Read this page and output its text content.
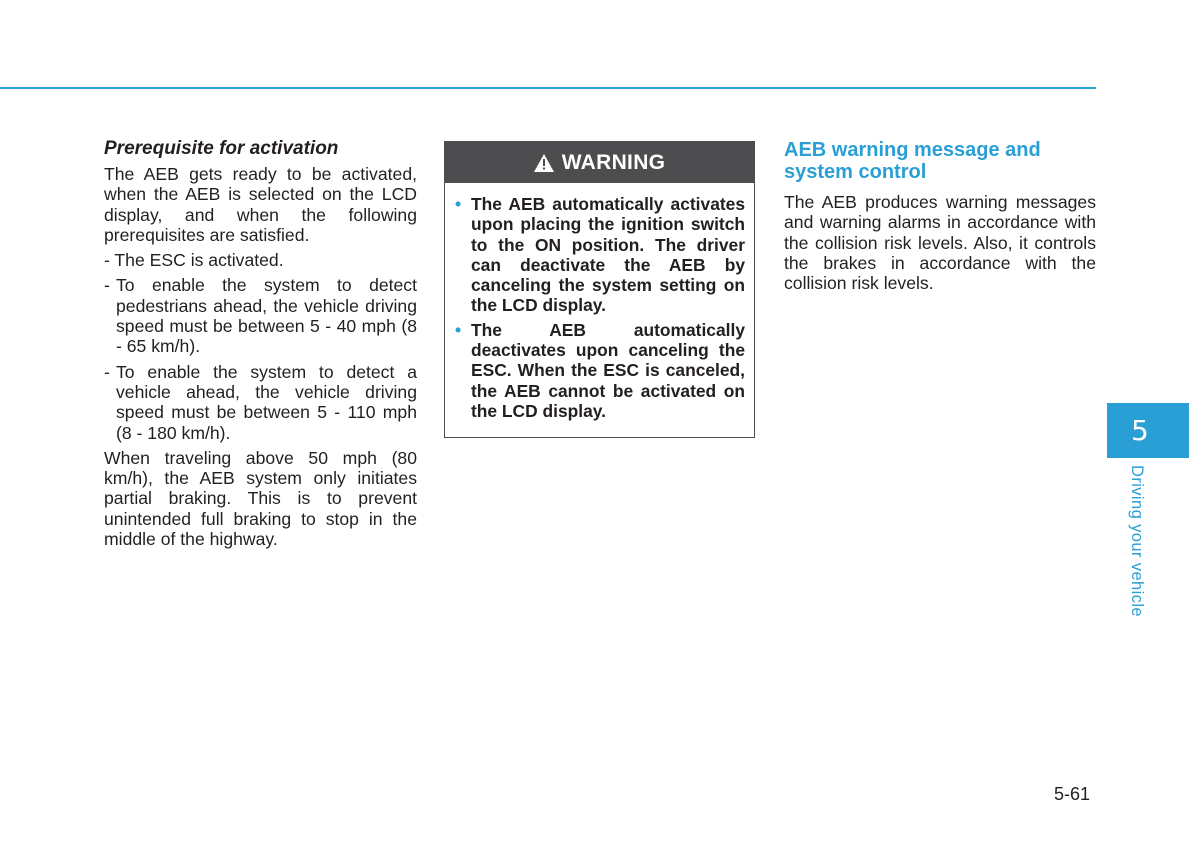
Prerequisite for activation

The AEB gets ready to be activated, when the AEB is selected on the LCD display, and when the following prerequisites are satisfied.

- The ESC is activated.
- To enable the system to detect pedestrians ahead, the vehicle driving speed must be between 5 - 40 mph (8 - 65 km/h).
- To enable the system to detect a vehicle ahead, the vehicle driving speed must be between 5 - 110 mph (8 - 180 km/h).

When traveling above 50 mph (80 km/h), the AEB system only initiates partial braking. This is to prevent unintended full braking to stop in the middle of the highway.

WARNING
• The AEB automatically activates upon placing the ignition switch to the ON position. The driver can deactivate the AEB by canceling the system setting on the LCD display.
• The AEB automatically deactivates upon canceling the ESC. When the ESC is canceled, the AEB cannot be activated on the LCD display.
AEB warning message and system control

The AEB produces warning messages and warning alarms in accordance with the collision risk levels. Also, it controls the brakes in accordance with the collision risk levels.

5
Driving your vehicle
5-61
